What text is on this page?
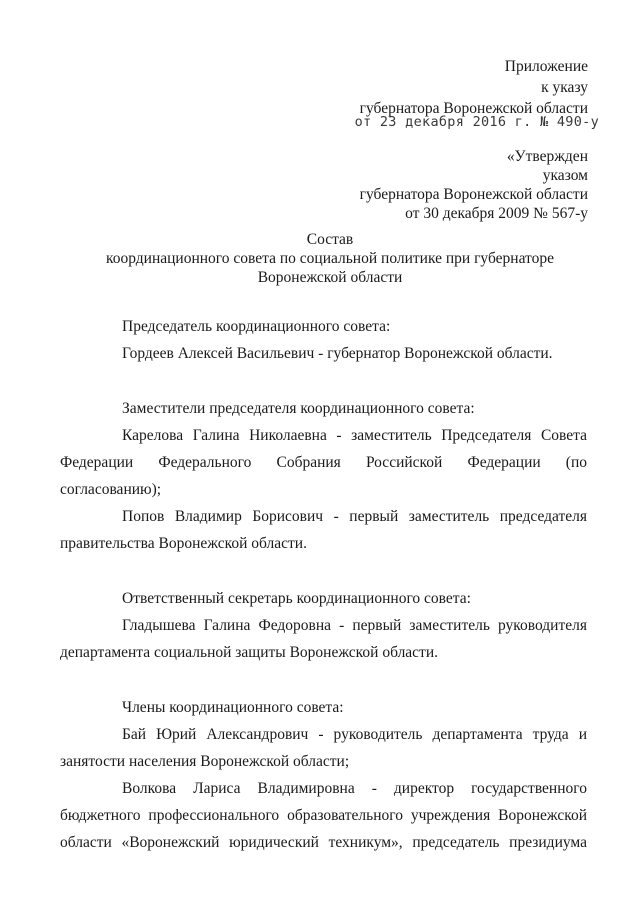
Приложение
к указу
губернатора Воронежской области
от 23 декабря 2016 г. № 490-у
«Утвержден
указом
губернатора Воронежской области
от 30 декабря 2009 № 567-у
Состав
координационного совета по социальной политике при губернаторе
Воронежской области
Председатель координационного совета:
Гордеев Алексей Васильевич - губернатор Воронежской области.
Заместители председателя координационного совета:
Карелова Галина Николаевна - заместитель Председателя Совета
Федерации Федерального Собрания Российской Федерации (по
согласованию);
Попов Владимир Борисович - первый заместитель председателя
правительства Воронежской области.
Ответственный секретарь координационного совета:
Гладышева Галина Федоровна - первый заместитель руководителя
департамента социальной защиты Воронежской области.
Члены координационного совета:
Бай Юрий Александрович - руководитель департамента труда и
занятости населения Воронежской области;
Волкова Лариса Владимировна - директор государственного
бюджетного профессионального образовательного учреждения Воронежской
области «Воронежский юридический техникум», председатель президиума
